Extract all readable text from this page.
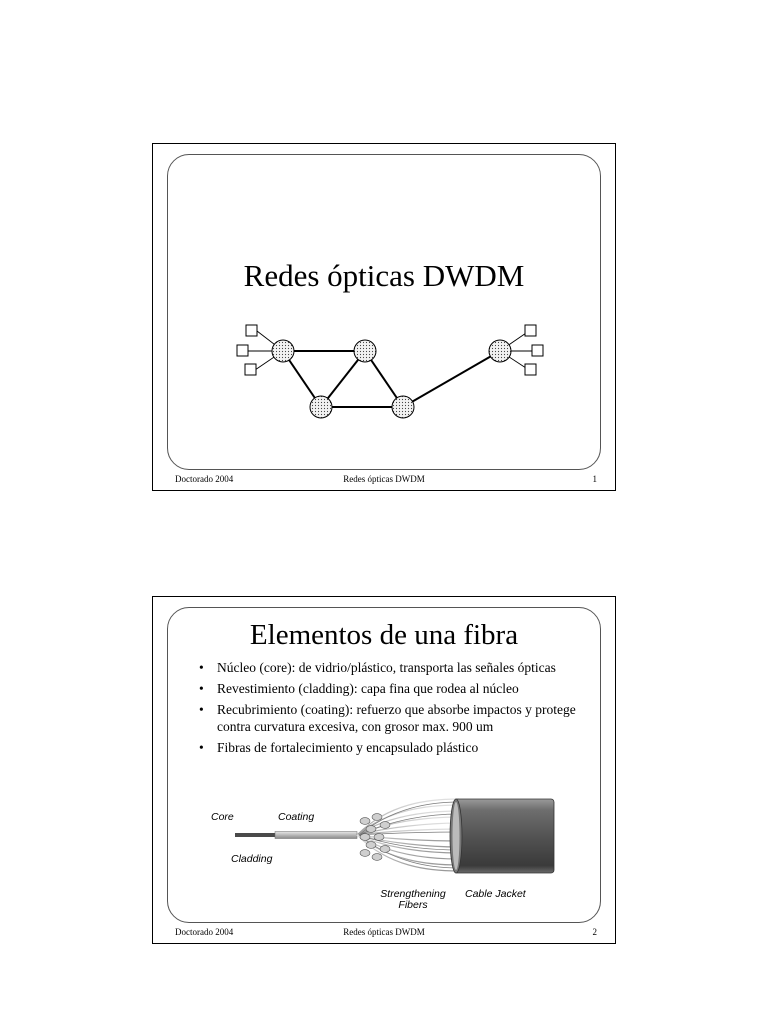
Redes ópticas DWDM
Doctorado 2004	Redes ópticas DWDM	1
Elementos de una fibra
• Núcleo (core): de vidrio/plástico, transporta las señales ópticas
• Revestimiento (cladding): capa fina que rodea al núcleo
• Recubrimiento (coating): refuerzo que absorbe impactos y protege contra curvatura excesiva, con grosor max. 900 um
• Fibras de fortalecimiento y encapsulado plástico
Core	Coating
Cladding
Strengthening Fibers
Cable Jacket
Doctorado 2004	Redes ópticas DWDM	2
